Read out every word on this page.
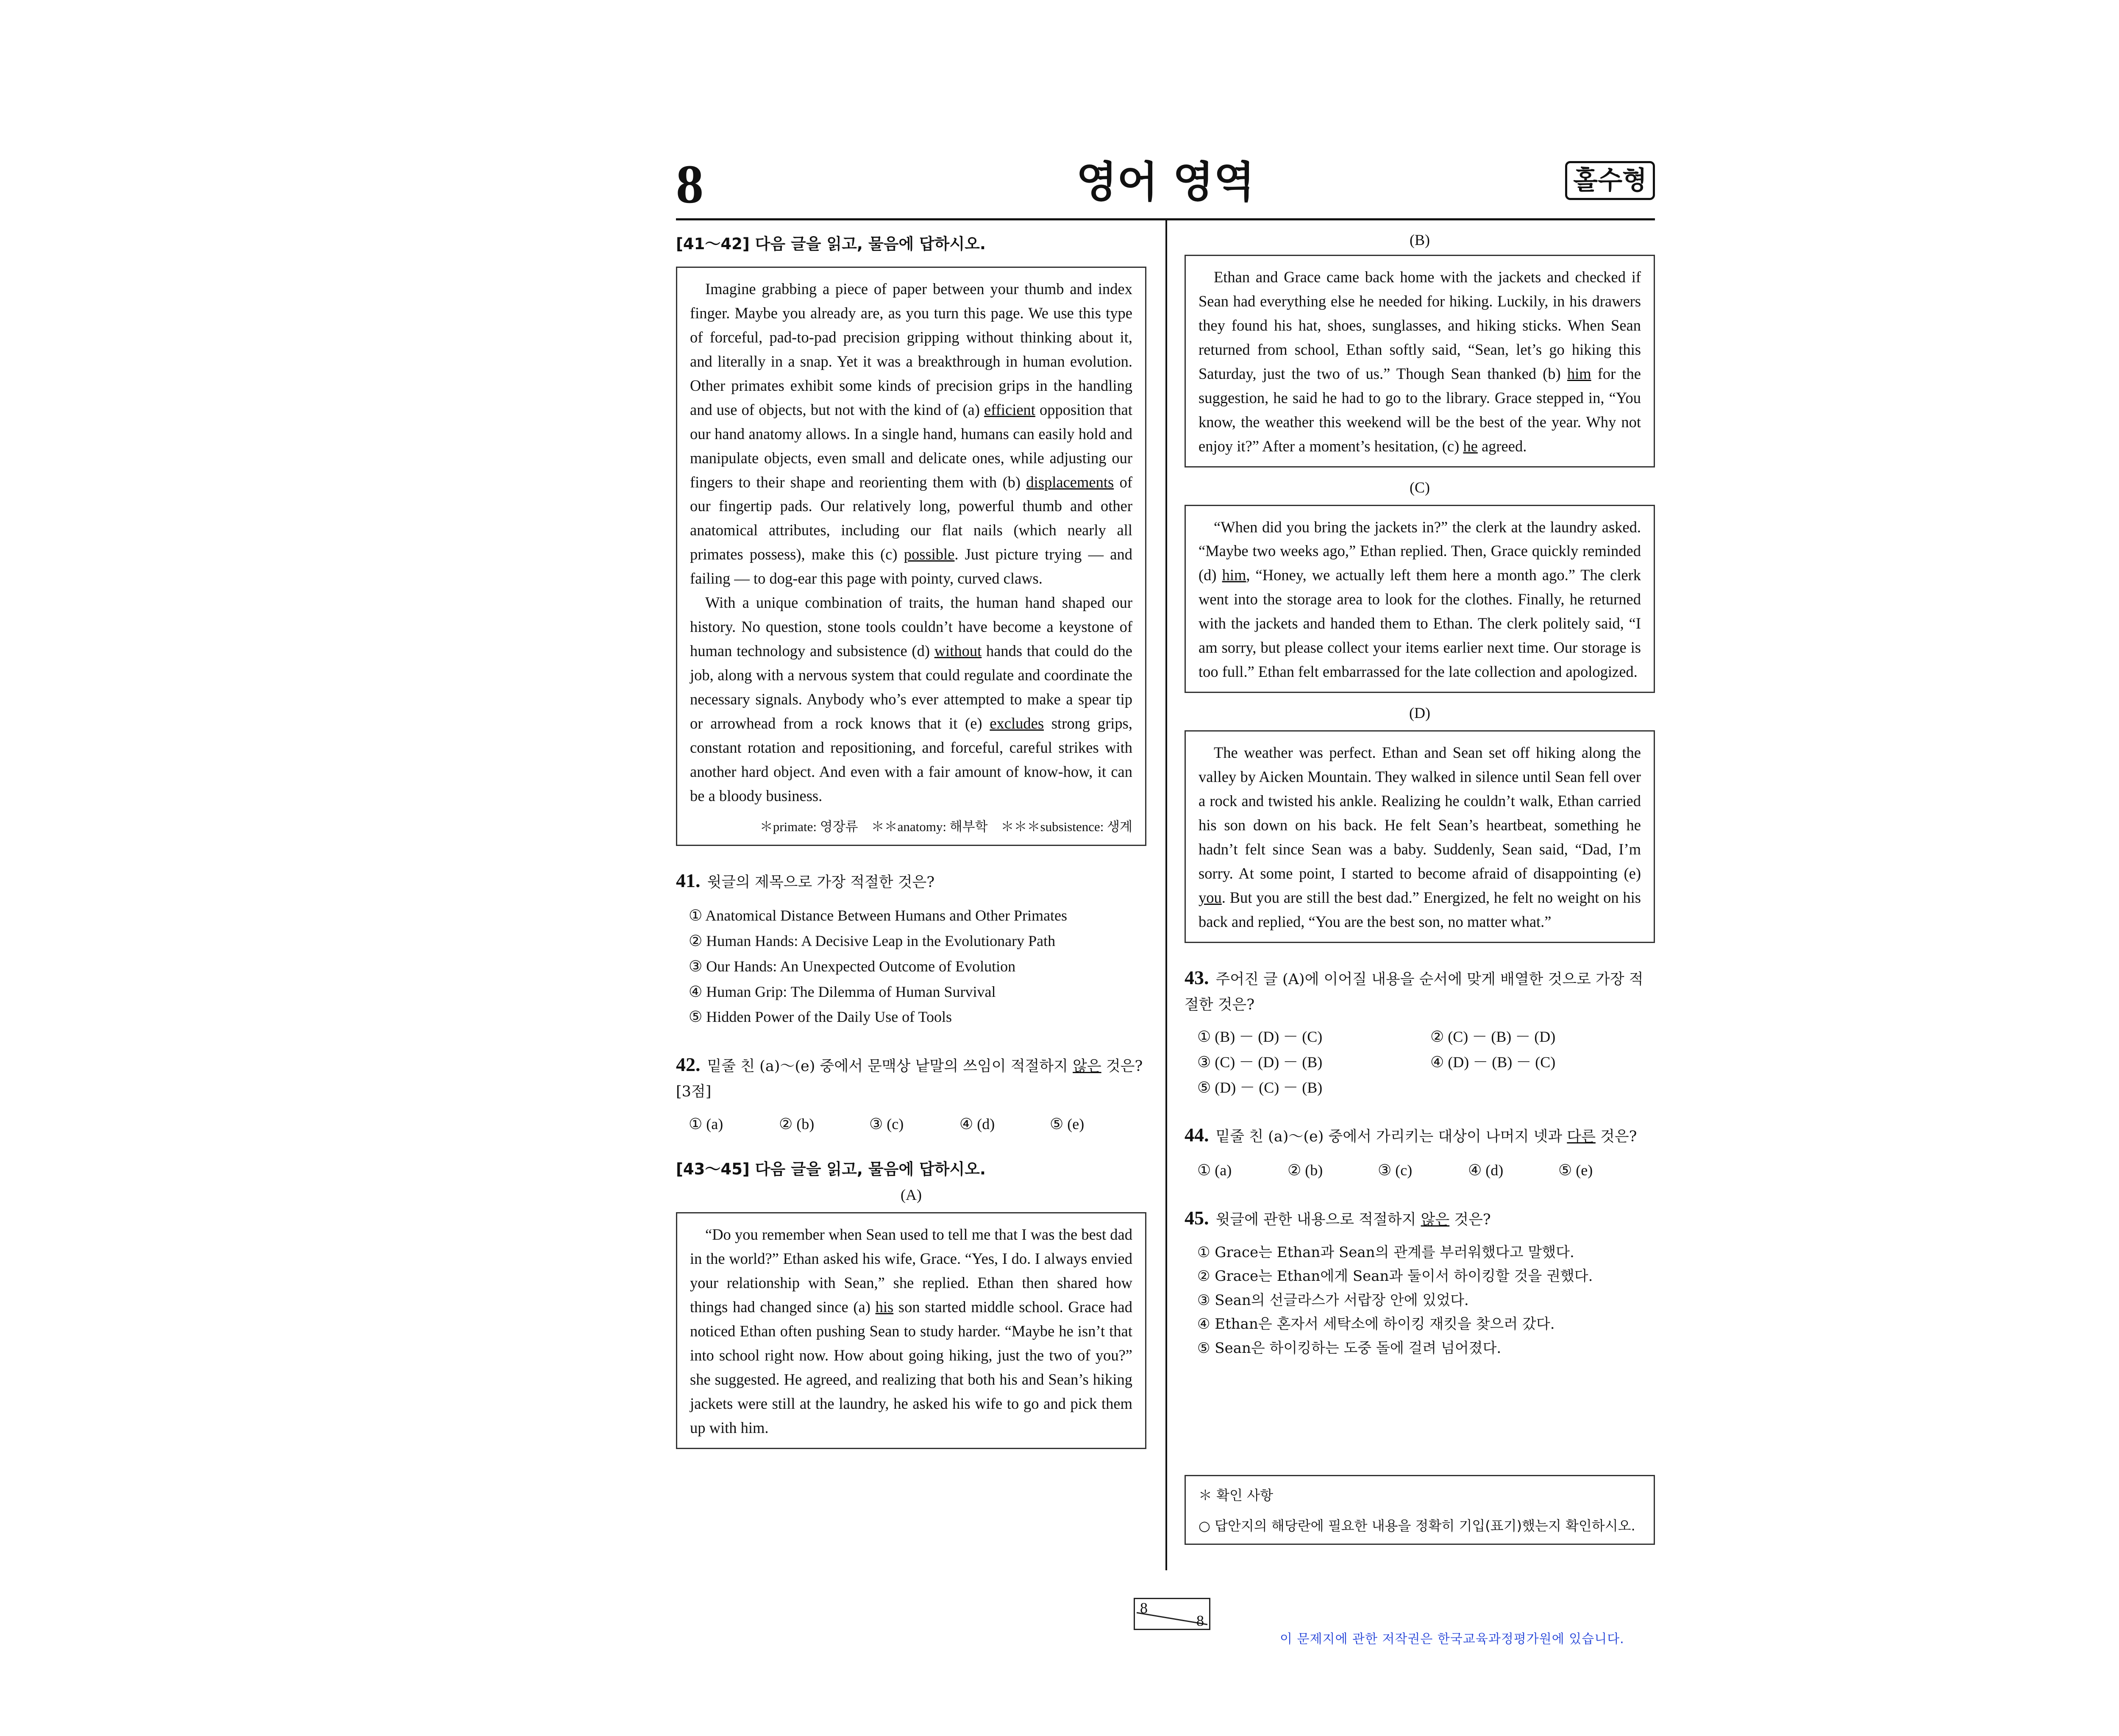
8	영어 영역	홀수형
[41～42] 다음 글을 읽고, 물음에 답하시오.

Imagine grabbing a piece of paper between your thumb and index finger. Maybe you already are, as you turn this page. We use this type of forceful, pad-to-pad precision gripping without thinking about it, and literally in a snap. Yet it was a breakthrough in human evolution. Other primates exhibit some kinds of precision grips in the handling and use of objects, but not with the kind of (a) efficient opposition that our hand anatomy allows. In a single hand, humans can easily hold and manipulate objects, even small and delicate ones, while adjusting our fingers to their shape and reorienting them with (b) displacements of our fingertip pads. Our relatively long, powerful thumb and other anatomical attributes, including our flat nails (which nearly all primates possess), make this (c) possible. Just picture trying ― and failing ― to dog-ear this page with pointy, curved claws.

With a unique combination of traits, the human hand shaped our history. No question, stone tools couldn’t have become a keystone of human technology and subsistence (d) without hands that could do the job, along with a nervous system that could regulate and coordinate the necessary signals. Anybody who’s ever attempted to make a spear tip or arrowhead from a rock knows that it (e) excludes strong grips, constant rotation and repositioning, and forceful, careful strikes with another hard object. And even with a fair amount of know-how, it can be a bloody business.

＊primate: 영장류　＊＊anatomy: 해부학　＊＊＊subsistence: 생계
41. 윗글의 제목으로 가장 적절한 것은?
① Anatomical Distance Between Humans and Other Primates
② Human Hands: A Decisive Leap in the Evolutionary Path
③ Our Hands: An Unexpected Outcome of Evolution
④ Human Grip: The Dilemma of Human Survival
⑤ Hidden Power of the Daily Use of Tools
42. 밑줄 친 (a)～(e) 중에서 문맥상 낱말의 쓰임이 적절하지 않은 것은? [3점]
① (a)	② (b)	③ (c)	④ (d)	⑤ (e)
[43～45] 다음 글을 읽고, 물음에 답하시오.
(A)

“Do you remember when Sean used to tell me that I was the best dad in the world?” Ethan asked his wife, Grace. “Yes, I do. I always envied your relationship with Sean,” she replied. Ethan then shared how things had changed since (a) his son started middle school. Grace had noticed Ethan often pushing Sean to study harder. “Maybe he isn’t that into school right now. How about going hiking, just the two of you?” she suggested. He agreed, and realizing that both his and Sean’s hiking jackets were still at the laundry, he asked his wife to go and pick them up with him.

(B)

Ethan and Grace came back home with the jackets and checked if Sean had everything else he needed for hiking. Luckily, in his drawers they found his hat, shoes, sunglasses, and hiking sticks. When Sean returned from school, Ethan softly said, “Sean, let’s go hiking this Saturday, just the two of us.” Though Sean thanked (b) him for the suggestion, he said he had to go to the library. Grace stepped in, “You know, the weather this weekend will be the best of the year. Why not enjoy it?” After a moment’s hesitation, (c) he agreed.

(C)

“When did you bring the jackets in?” the clerk at the laundry asked. “Maybe two weeks ago,” Ethan replied. Then, Grace quickly reminded (d) him, “Honey, we actually left them here a month ago.” The clerk went into the storage area to look for the clothes. Finally, he returned with the jackets and handed them to Ethan. The clerk politely said, “I am sorry, but please collect your items earlier next time. Our storage is too full.” Ethan felt embarrassed for the late collection and apologized.

(D)

The weather was perfect. Ethan and Sean set off hiking along the valley by Aicken Mountain. They walked in silence until Sean fell over a rock and twisted his ankle. Realizing he couldn’t walk, Ethan carried his son down on his back. He felt Sean’s heartbeat, something he hadn’t felt since Sean was a baby. Suddenly, Sean said, “Dad, I’m sorry. At some point, I started to become afraid of disappointing (e) you. But you are still the best dad.” Energized, he felt no weight on his back and replied, “You are the best son, no matter what.”

43. 주어진 글 (A)에 이어질 내용을 순서에 맞게 배열한 것으로 가장 적절한 것은?
① (B) － (D) － (C)	② (C) － (B) － (D)
③ (C) － (D) － (B)	④ (D) － (B) － (C)
⑤ (D) － (C) － (B)
44. 밑줄 친 (a)～(e) 중에서 가리키는 대상이 나머지 넷과 다른 것은?
① (a)	② (b)	③ (c)	④ (d)	⑤ (e)
45. 윗글에 관한 내용으로 적절하지 않은 것은?
① Grace는 Ethan과 Sean의 관계를 부러워했다고 말했다.
② Grace는 Ethan에게 Sean과 둘이서 하이킹할 것을 권했다.
③ Sean의 선글라스가 서랍장 안에 있었다.
④ Ethan은 혼자서 세탁소에 하이킹 재킷을 찾으러 갔다.
⑤ Sean은 하이킹하는 도중 돌에 걸려 넘어졌다.
＊ 확인 사항
○ 답안지의 해당란에 필요한 내용을 정확히 기입(표기)했는지 확인하시오.
8
8
이 문제지에 관한 저작권은 한국교육과정평가원에 있습니다.
